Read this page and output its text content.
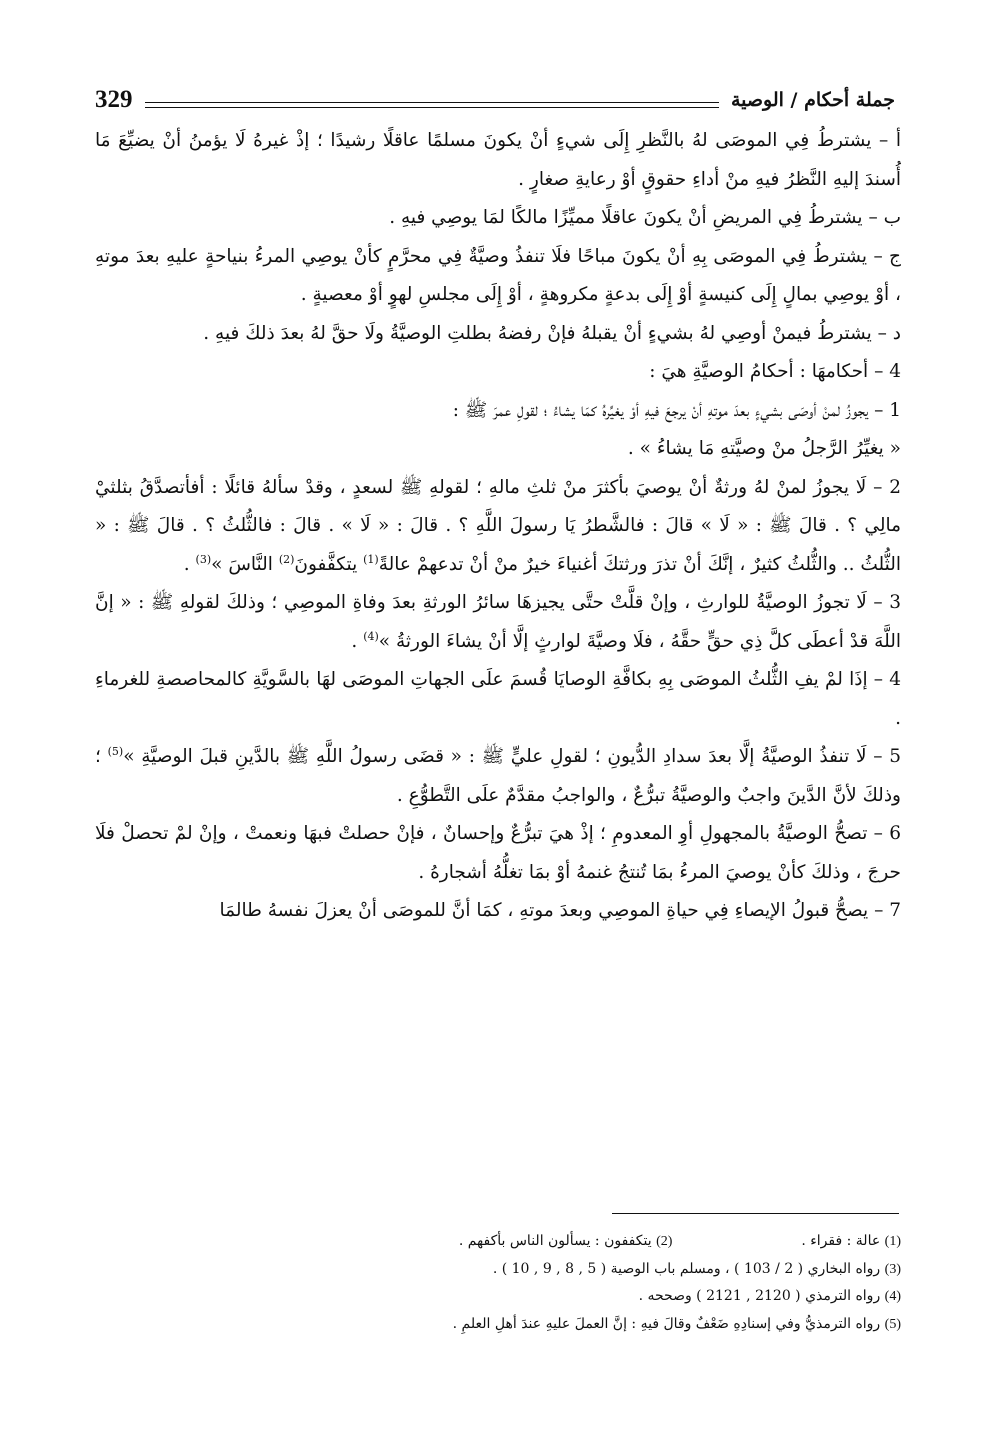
329	جملة أحكام / الوصية

أ – يشترطُ فِي الموصَى لهُ بالنَّظرِ إِلَى شيءٍ أنْ يكونَ مسلمًا عاقلًا رشيدًا ؛ إذْ غيرهُ لَا يؤمنُ أنْ يضيِّعَ مَا أُسندَ إليهِ النَّظرُ فيهِ منْ أداءِ حقوقٍ أوْ رعايةِ صغارٍ .

ب – يشترطُ فِي المريضِ أنْ يكونَ عاقلًا مميِّزًا مالكًا لمَا يوصِي فيهِ .

ج – يشترطُ فِي الموصَى بِهِ أنْ يكونَ مباحًا فلَا تنفذُ وصيَّةٌ فِي محرَّمٍ كأنْ يوصِي المرءُ بنياحةٍ عليهِ بعدَ موتهِ ، أوْ يوصِي بمالٍ إِلَى كنيسةٍ أوْ إِلَى بدعةٍ مكروهةٍ ، أوْ إِلَى مجلسِ لهوٍ أوْ معصيةٍ .

د – يشترطُ فيمنْ أوصِي لهُ بشيءٍ أنْ يقبلهُ فإنْ رفضهُ بطلتِ الوصيَّةُ ولَا حقَّ لهُ بعدَ ذلكَ فيهِ .

4 – أحكامهَا : أحكامُ الوصيَّةِ هيَ :

1 – يجوزُ لمنْ أوصَى بشيءٍ بعدَ موتهِ أنْ يرجعَ فيهِ أوْ يغيِّرهُ كمَا يشاءُ ؛ لقولِ عمرَ ﷺ :

« يغيِّرُ الرَّجلُ منْ وصيَّتهِ مَا يشاءُ » .

2 – لَا يجوزُ لمنْ لهُ ورثةٌ أنْ يوصيَ بأكثرَ منْ ثلثِ مالهِ ؛ لقولهِ ﷺ لسعدٍ ، وقدْ سألهُ قائلًا : أفأتصدَّقُ بثلثيْ مالِي ؟ . قالَ ﷺ : « لَا » قالَ : فالشَّطرُ يَا رسولَ اللَّهِ ؟ . قالَ : « لَا » . قالَ : فالثُّلثُ ؟ . قالَ ﷺ : « الثُّلثُ .. والثُّلثُ كثيرٌ ، إنَّكَ أنْ تذرَ ورثتكَ أغنياءَ خيرٌ منْ أنْ تدعهمْ عالةً$^{(1)}$ يتكفَّفونَ$^{(2)}$ النَّاسَ »$^{(3)}$ .

3 – لَا تجوزُ الوصيَّةُ للوارثِ ، وإنْ قلَّتْ حتَّى يجيزهَا سائرُ الورثةِ بعدَ وفاةِ الموصِي ؛ وذلكَ لقولهِ ﷺ : « إنَّ اللَّهَ قدْ أعطَى كلَّ ذِي حقٍّ حقَّهُ ، فلَا وصيَّةَ لوارثٍ إلَّا أنْ يشاءَ الورثةُ »$^{(4)}$ .

4 – إذَا لمْ يفِ الثُّلثُ الموصَى بِهِ بكافَّةِ الوصايَا قُسمَ علَى الجهاتِ الموصَى لهَا بالسَّويَّةِ كالمحاصصةِ للغرماءِ .

5 – لَا تنفذُ الوصيَّةُ إلَّا بعدَ سدادِ الدُّيونِ ؛ لقولِ عليٍّ ﷺ : « قضَى رسولُ اللَّهِ ﷺ بالدَّينِ قبلَ الوصيَّةِ »$^{(5)}$ ؛ وذلكَ لأنَّ الدَّينَ واجبٌ والوصيَّةُ تبرُّعٌ ، والواجبُ مقدَّمٌ علَى التَّطوُّعِ .

6 – تصحُّ الوصيَّةُ بالمجهولِ أوِ المعدومِ ؛ إذْ هيَ تبرُّعٌ وإحسانٌ ، فإنْ حصلتْ فبهَا ونعمتْ ، وإنْ لمْ تحصلْ فلَا حرجَ ، وذلكَ كأنْ يوصيَ المرءُ بمَا تُنتجُ غنمهُ أوْ بمَا تغلُّهُ أشجارهُ .

7 – يصحُّ قبولُ الإيصاءِ فِي حياةِ الموصِي وبعدَ موتهِ ، كمَا أنَّ للموصَى أنْ يعزلَ نفسهُ طالمَا

(1) عالة : فقراء .  (2) يتكففون : يسألون الناس بأكفهم .

(3) رواه البخاري ( 2 / 103 ) ، ومسلم باب الوصية ( 5 , 8 , 9 , 10 ) .

(4) رواه الترمذي ( 2120 , 2121 ) وصححه .

(5) رواه الترمذيُّ وفي إسنادِهِ ضَعْفٌ وقالَ فيهِ : إنَّ العملَ عليهِ عندَ أهلِ العلمِ .
